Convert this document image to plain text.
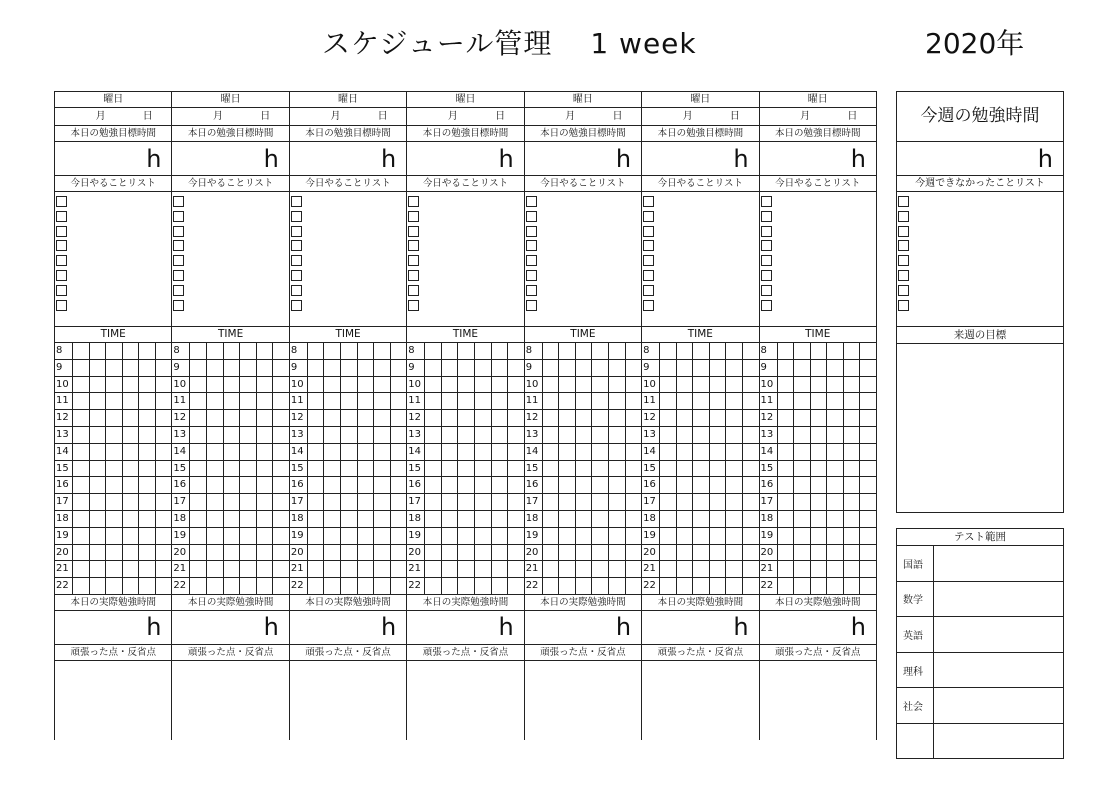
スケジュール管理 1 week	2020年
曜日
月	日
本日の勉強目標時間
h
今日やることリスト
TIME
8
9
10
11
12
13
14
15
16
17
18
19
20
21
22
本日の実際勉強時間
h
頑張った点・反省点
曜日
月	日
本日の勉強目標時間
h
今日やることリスト
TIME
8
9
10
11
12
13
14
15
16
17
18
19
20
21
22
本日の実際勉強時間
h
頑張った点・反省点
曜日
月	日
本日の勉強目標時間
h
今日やることリスト
TIME
8
9
10
11
12
13
14
15
16
17
18
19
20
21
22
本日の実際勉強時間
h
頑張った点・反省点
曜日
月	日
本日の勉強目標時間
h
今日やることリスト
TIME
8
9
10
11
12
13
14
15
16
17
18
19
20
21
22
本日の実際勉強時間
h
頑張った点・反省点
曜日
月	日
本日の勉強目標時間
h
今日やることリスト
TIME
8
9
10
11
12
13
14
15
16
17
18
19
20
21
22
本日の実際勉強時間
h
頑張った点・反省点
曜日
月	日
本日の勉強目標時間
h
今日やることリスト
TIME
8
9
10
11
12
13
14
15
16
17
18
19
20
21
22
本日の実際勉強時間
h
頑張った点・反省点
曜日
月	日
本日の勉強目標時間
h
今日やることリスト
TIME
8
9
10
11
12
13
14
15
16
17
18
19
20
21
22
本日の実際勉強時間
h
頑張った点・反省点
今週の勉強時間
h
今週できなかったことリスト
来週の目標
テスト範囲
国語
数学
英語
理科
社会
